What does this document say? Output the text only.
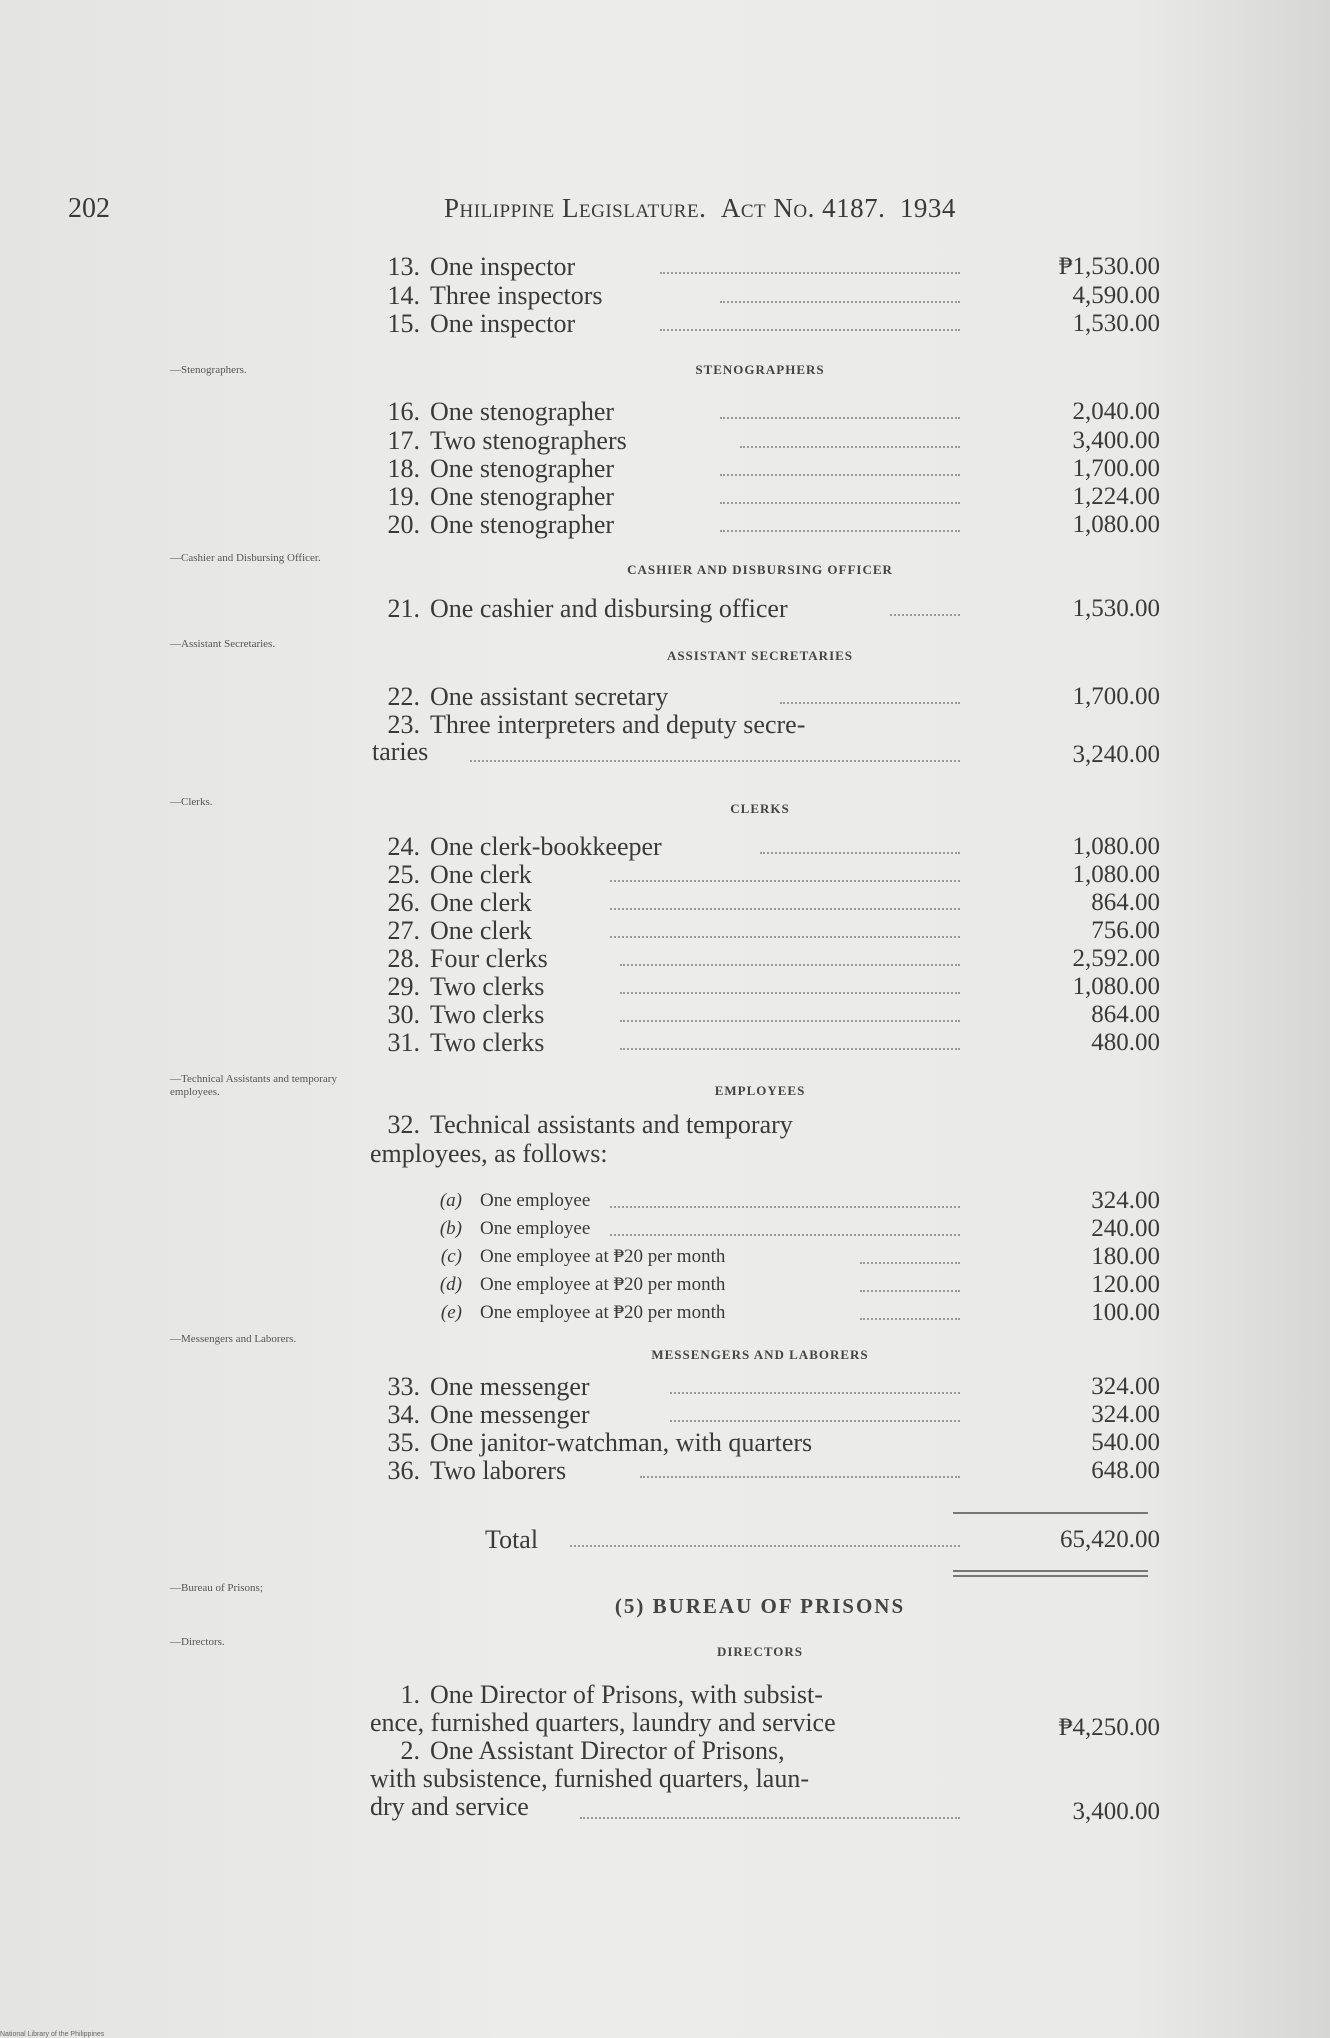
202	Philippine Legislature. Act No. 4187. 1934
—Stenographers.
—Cashier and Disbursing Officer.
—Assistant Secretaries.
—Clerks.
—Technical Assistants and temporary employees.
—Messengers and Laborers.
—Bureau of Prisons;
—Directors.
13. One inspector	₱1,530.00
14. Three inspectors	4,590.00
15. One inspector	1,530.00
STENOGRAPHERS
16. One stenographer	2,040.00
17. Two stenographers	3,400.00
18. One stenographer	1,700.00
19. One stenographer	1,224.00
20. One stenographer	1,080.00
CASHIER AND DISBURSING OFFICER
21. One cashier and disbursing officer	1,530.00
ASSISTANT SECRETARIES
22. One assistant secretary	1,700.00
23. Three interpreters and deputy secre-
taries	3,240.00
CLERKS
24. One clerk-bookkeeper	1,080.00
25. One clerk	1,080.00
26. One clerk	864.00
27. One clerk	756.00
28. Four clerks	2,592.00
29. Two clerks	1,080.00
30. Two clerks	864.00
31. Two clerks	480.00
EMPLOYEES
32. Technical assistants and temporary
employees, as follows:
(a) One employee	324.00
(b) One employee	240.00
(c) One employee at ₱20 per month	180.00
(d) One employee at ₱20 per month	120.00
(e) One employee at ₱20 per month	100.00
MESSENGERS AND LABORERS
33. One messenger	324.00
34. One messenger	324.00
35. One janitor-watchman, with quarters	540.00
36. Two laborers	648.00
Total	65,420.00
(5) BUREAU OF PRISONS
DIRECTORS
1. One Director of Prisons, with subsist-
ence, furnished quarters, laundry and service	₱4,250.00
2. One Assistant Director of Prisons,
with subsistence, furnished quarters, laun-
dry and service	3,400.00
National Library of the Philippines
